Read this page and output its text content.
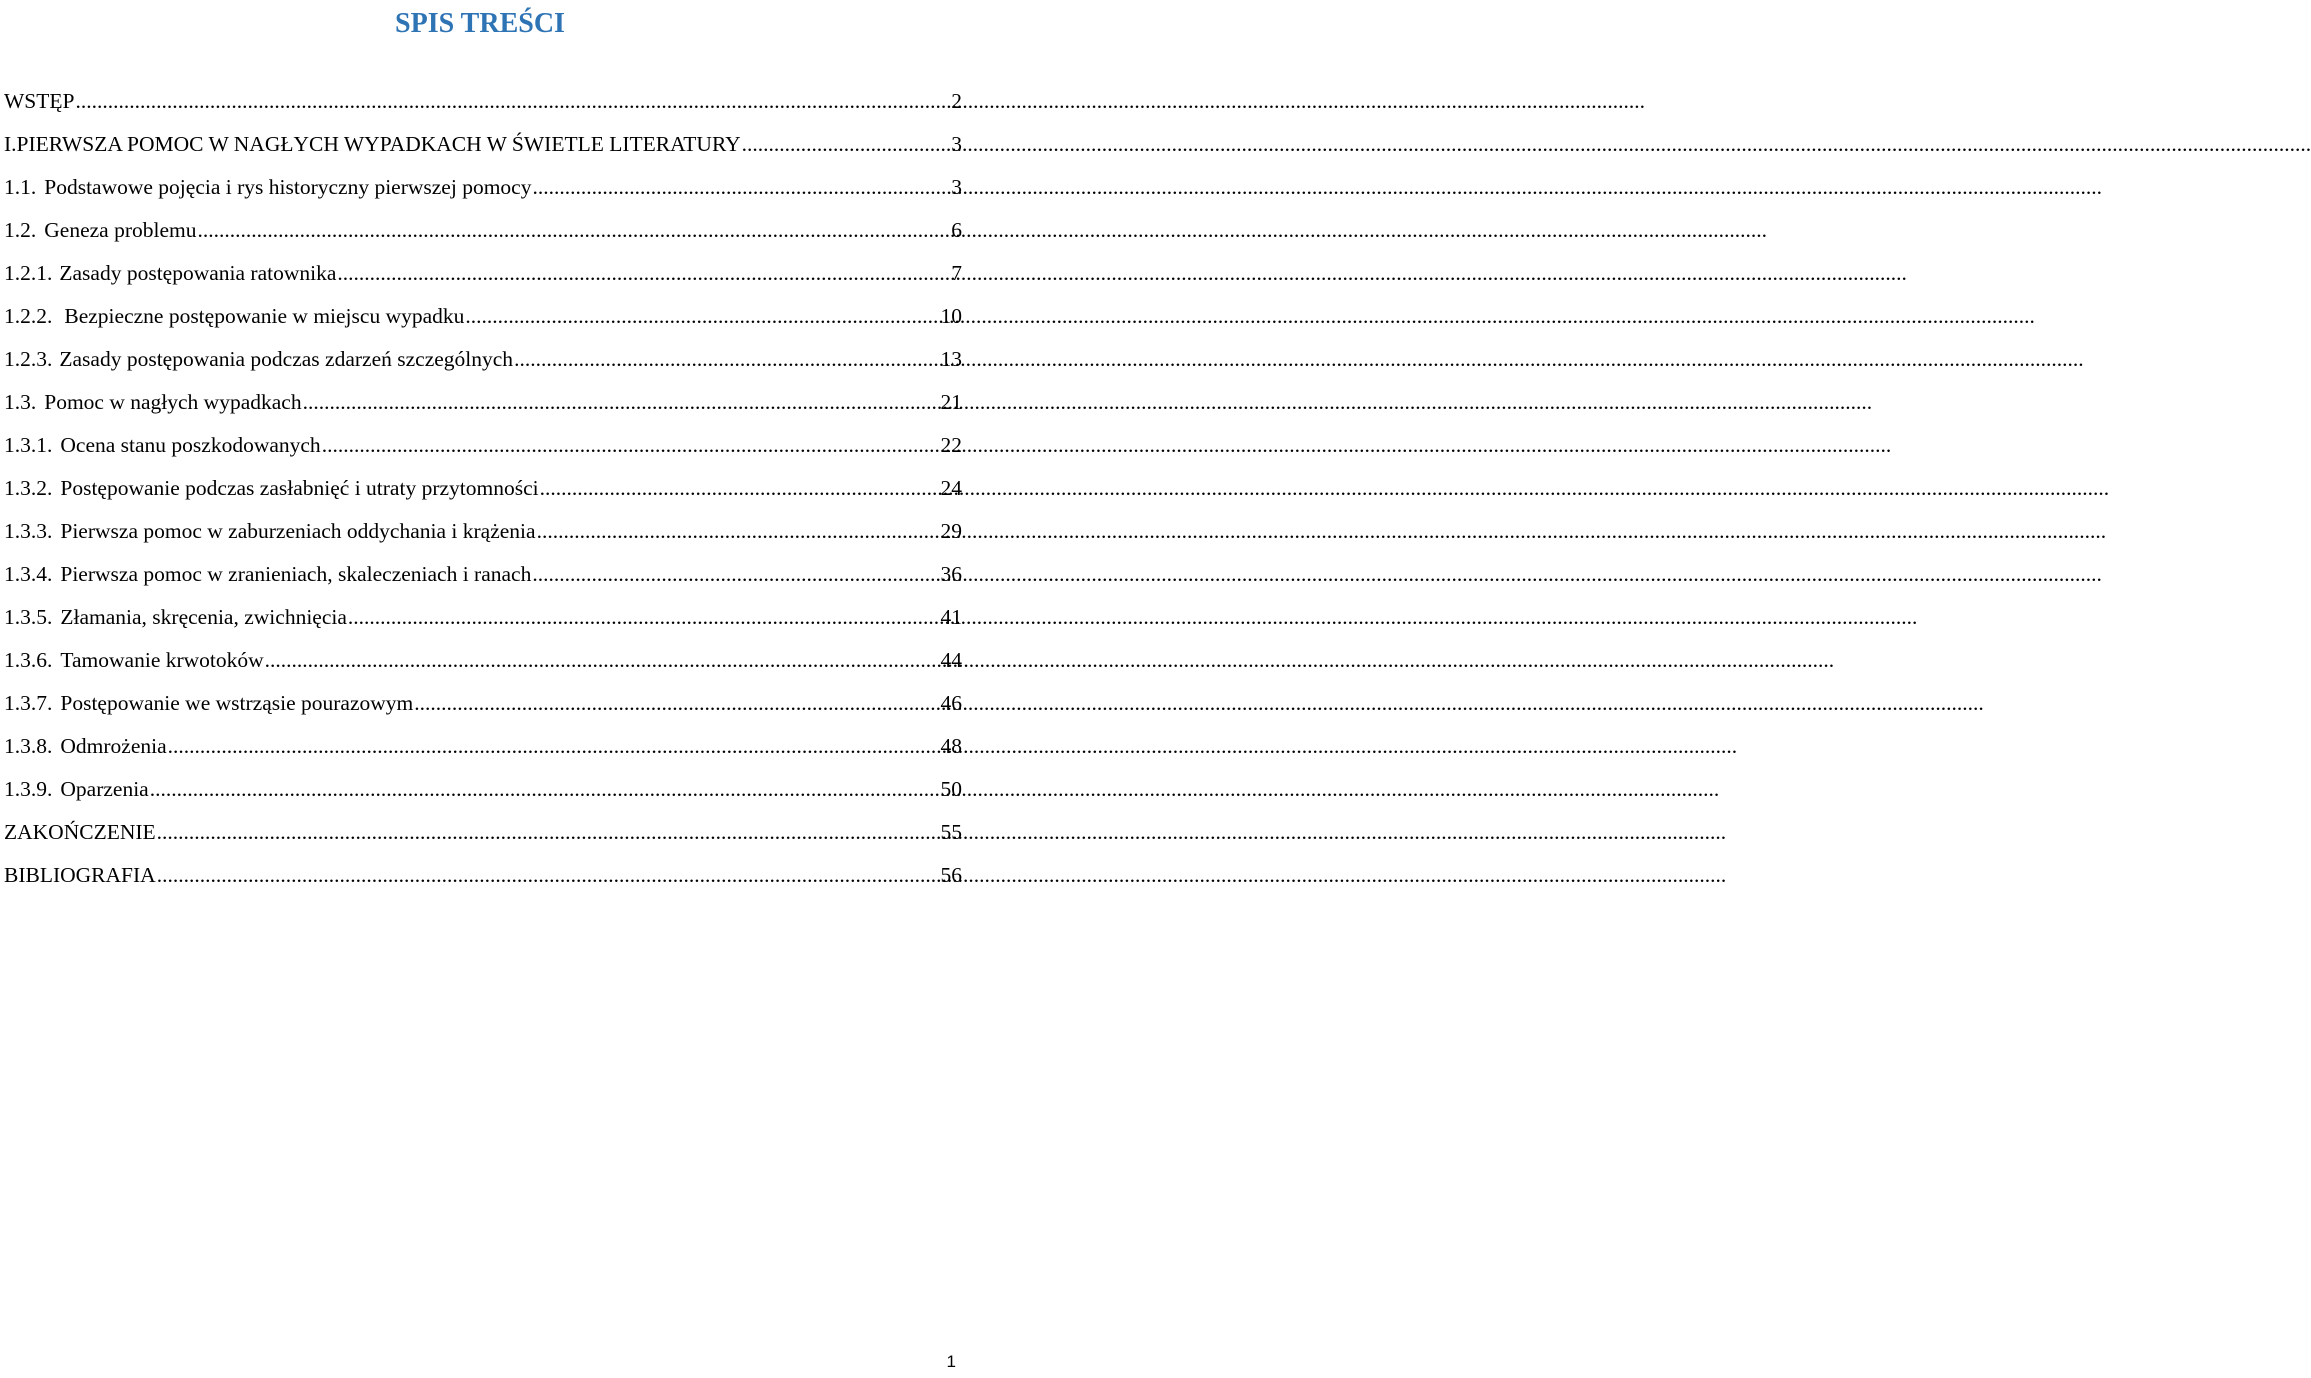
SPIS TREŚCI
WSTĘP .....	2
I. PIERWSZA POMOC W NAGŁYCH WYPADKACH W ŚWIETLE LITERATURY .....	3
1.1. Podstawowe pojęcia i rys historyczny pierwszej pomocy .....	3
1.2. Geneza problemu .....	6
1.2.1. Zasady postępowania ratownika .....	7
1.2.2. Bezpieczne postępowanie w miejscu wypadku .....	10
1.2.3. Zasady postępowania podczas zdarzeń szczególnych .....	13
1.3. Pomoc w nagłych wypadkach .....	21
1.3.1. Ocena stanu poszkodowanych .....	22
1.3.2. Postępowanie podczas zasłabnięć i utraty przytomności .....	24
1.3.3. Pierwsza pomoc w zaburzeniach oddychania i krążenia .....	29
1.3.4. Pierwsza pomoc w zranieniach, skaleczeniach i ranach .....	36
1.3.5. Złamania, skręcenia, zwichnięcia .....	41
1.3.6. Tamowanie krwotoków .....	44
1.3.7. Postępowanie we wstrząsie pourazowym .....	46
1.3.8. Odmrożenia .....	48
1.3.9. Oparzenia .....	50
ZAKOŃCZENIE .....	55
BIBLIOGRAFIA .....	56
1
